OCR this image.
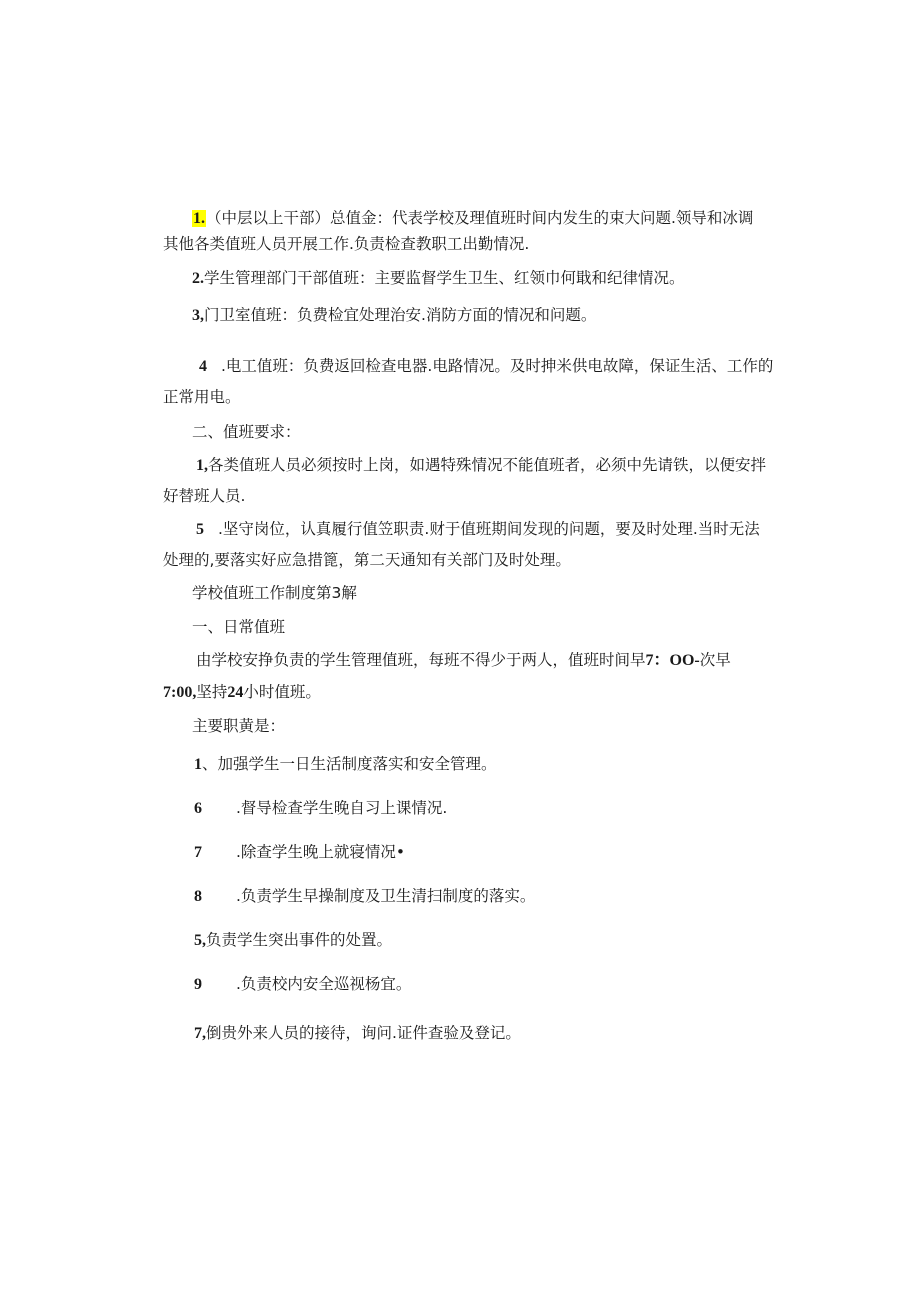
1.（中层以上干部）总值金：代表学校及理值班时间内发生的束大问题.领导和冰调
其他各类值班人员开展工作.负责检查教职工出勤情况.
2.学生管理部门干部值班：主要监督学生卫生、红领巾何戢和纪律情况。
3,门卫室值班：负费检宜处理治安.消防方面的情况和问题。
4 .电工值班：负费返回检查电器.电路情况。及时抻米供电故障，保证生活、工作的
正常用电。
二、值班要求：
1,各类值班人员必须按时上岗，如遇特殊情况不能值班者，必须中先请铁，以便安拌
好替班人员.
5 .坚守岗位，认真履行值笠职责.财于值班期间发现的问题，要及时处理.当时无法
处理的,要落实好应急措篦，第二天通知有关部门及时处理。
学校值班工作制度第3解
一、日常值班
由学校安挣负责的学生管理值班，每班不得少于两人，值班时间早7：OO-次早
7:00,坚持24小时值班。
主要职黄是：
1、加强学生一日生活制度落实和安全管理。
6 .督导检查学生晚自习上课情况.
7 .除查学生晚上就寝情况•
8 .负责学生早操制度及卫生清扫制度的落实。
5,负责学生突出事件的处置。
9 .负责校内安全巡视杨宜。
7,倒贵外来人员的接待，询问.证件查验及登记。
